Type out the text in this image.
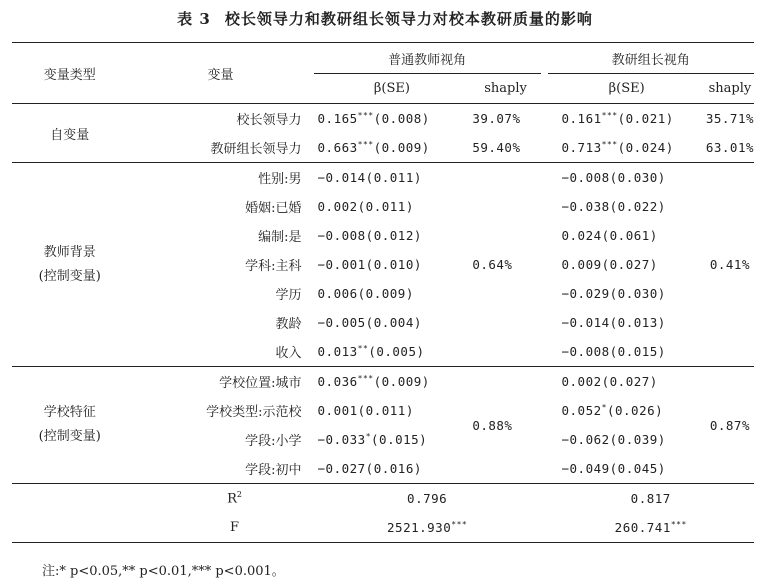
表 3 校长领导力和教研组长领导力对校本教研质量的影响
变量类型	变量	普通教师视角			教研组长视角	
		β(SE)	shaply		β(SE)	shaply
自变量	校长领导力	0.165***(0.008)	39.07%		0.161***(0.021)	35.71%
	教研组长领导力	0.663***(0.009)	59.40%		0.713***(0.024)	63.01%
教师背景
(控制变量)	性别:男	−0.014(0.011)	0.64%		−0.008(0.030)	0.41%
	婚姻:已婚	0.002(0.011)			−0.038(0.022)	
	编制:是	−0.008(0.012)			0.024(0.061)	
	学科:主科	−0.001(0.010)			0.009(0.027)	
	学历	0.006(0.009)			−0.029(0.030)	
	教龄	−0.005(0.004)			−0.014(0.013)	
	收入	0.013**(0.005)			−0.008(0.015)	
学校特征
(控制变量)	学校位置:城市	0.036***(0.009)	0.88%		0.002(0.027)	0.87%
	学校类型:示范校	0.001(0.011)			0.052*(0.026)	
	学段:小学	−0.033*(0.015)			−0.062(0.039)	
	学段:初中	−0.027(0.016)			−0.049(0.045)	
	$R^2$	0.796			0.817	
	F	2521.930***			260.741***
注:* p<0.05,** p<0.01,*** p<0.001。
